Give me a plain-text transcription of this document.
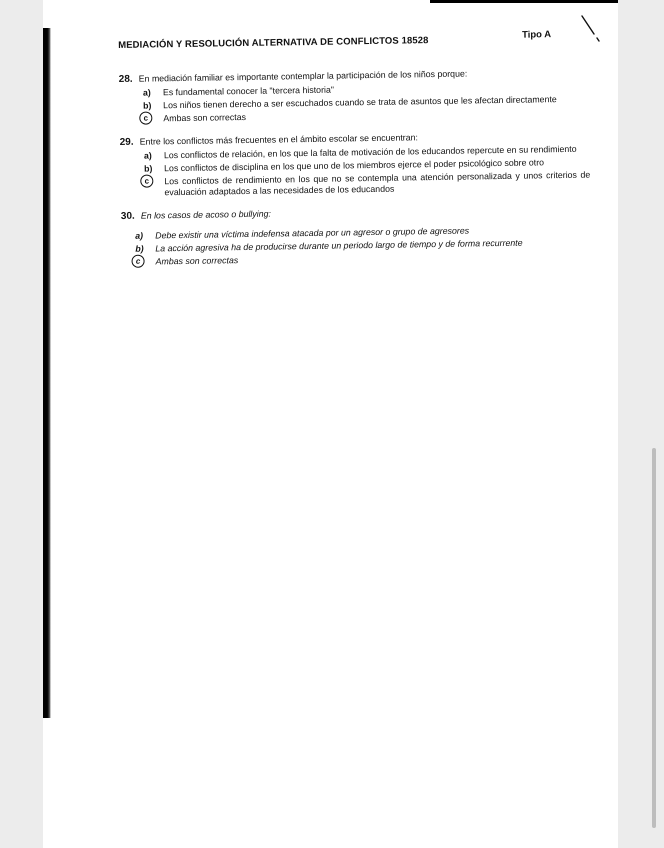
MEDIACIÓN Y RESOLUCIÓN ALTERNATIVA DE CONFLICTOS 18528
Tipo A
28. En mediación familiar es importante contemplar la participación de los niños porque:
a) Es fundamental conocer la "tercera historia"
b) Los niños tienen derecho a ser escuchados cuando se trata de asuntos que les afectan directamente
c	Ambas son correctas
29. Entre los conflictos más frecuentes en el ámbito escolar se encuentran:
a) Los conflictos de relación, en los que la falta de motivación de los educandos repercute en su rendimiento
b) Los conflictos de disciplina en los que uno de los miembros ejerce el poder psicológico sobre otro
c	Los conflictos de rendimiento en los que no se contempla una atención personalizada y unos criterios de evaluación adaptados a las necesidades de los educandos
30. En los casos de acoso o bullying:
a) Debe existir una víctima indefensa atacada por un agresor o grupo de agresores
b) La acción agresiva ha de producirse durante un periodo largo de tiempo y de forma recurrente
c	Ambas son correctas
